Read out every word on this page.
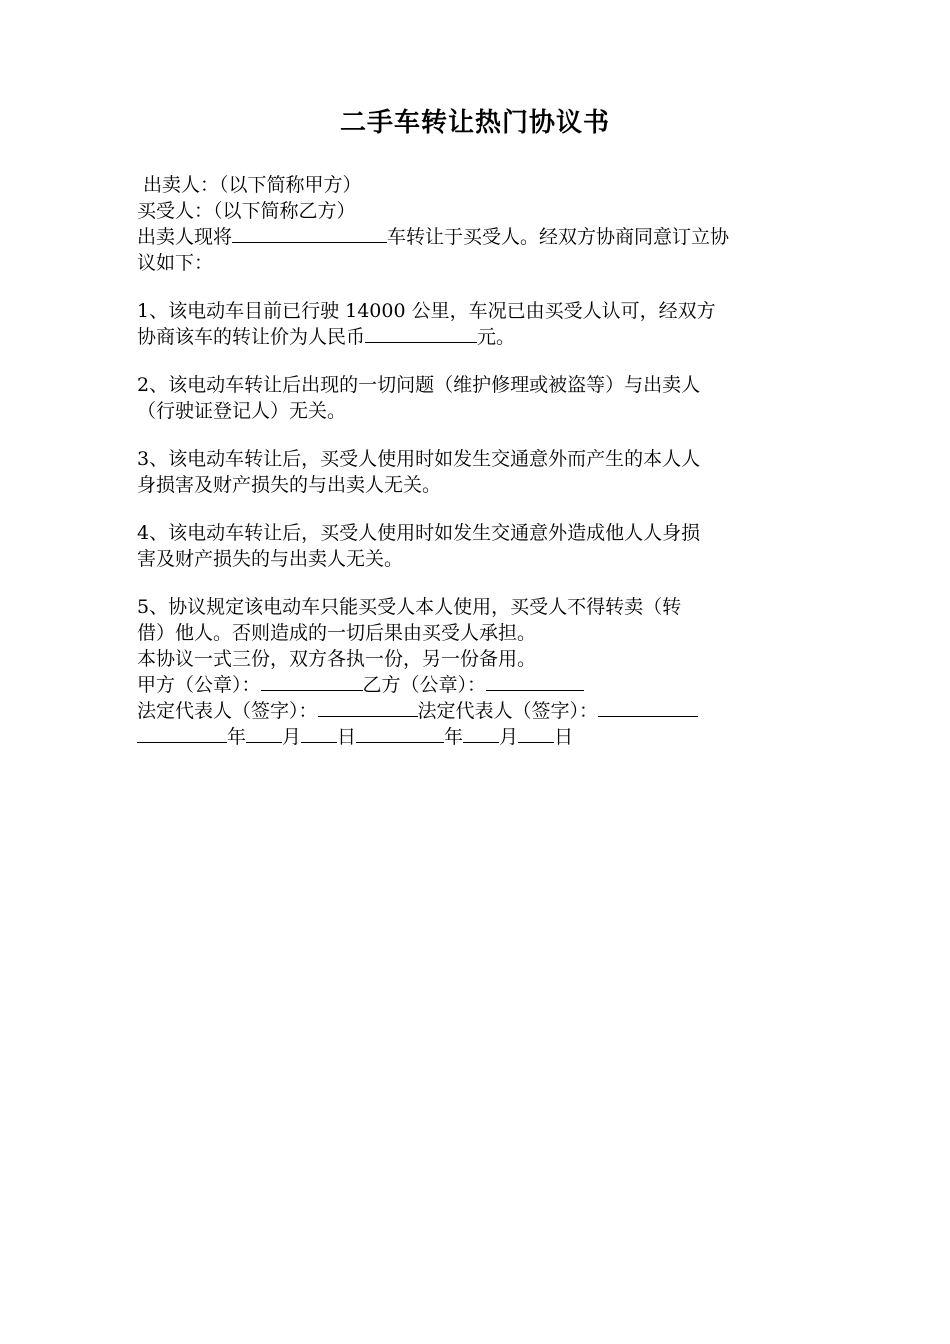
二手车转让热门协议书
出卖人：（以下简称甲方）
买受人：（以下简称乙方）
出卖人现将	车转让于买受人。经双方协商同意订立协
议如下：
1、该电动车目前已行驶 14000 公里，车况已由买受人认可，经双方
协商该车的转让价为人民币	元。
2、该电动车转让后出现的一切问题（维护修理或被盗等）与出卖人
（行驶证登记人）无关。
3、该电动车转让后，买受人使用时如发生交通意外而产生的本人人
身损害及财产损失的与出卖人无关。
4、该电动车转让后，买受人使用时如发生交通意外造成他人人身损
害及财产损失的与出卖人无关。
5、协议规定该电动车只能买受人本人使用，买受人不得转卖（转
借）他人。否则造成的一切后果由买受人承担。
本协议一式三份，双方各执一份，另一份备用。
甲方（公章）：	乙方（公章）：
法定代表人（签字）：	法定代表人（签字）：
年 月 日	年 月 日
